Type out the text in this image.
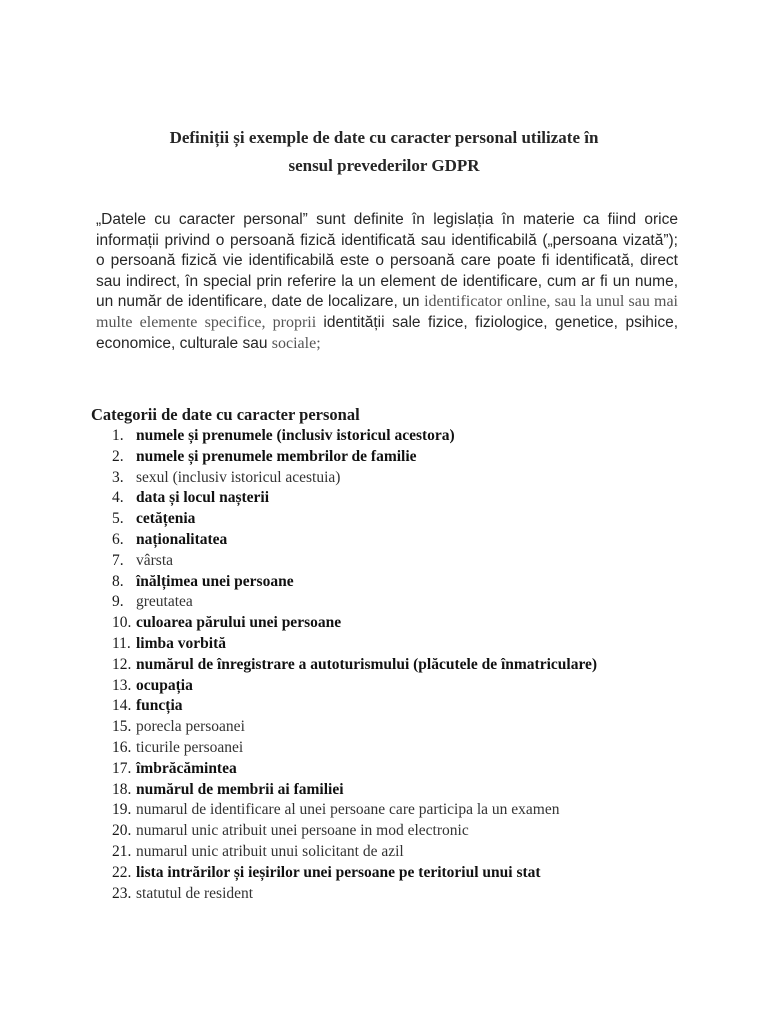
Definiții și exemple de date cu caracter personal utilizate în
sensul prevederilor GDPR

„Datele cu caracter personal” sunt definite în legislația în materie ca fiind orice informații privind o persoană fizică identificată sau identificabilă („persoana vizată”); o persoană fizică vie identificabilă este o persoană care poate fi identificată, direct sau indirect, în special prin referire la un element de identificare, cum ar fi un nume, un număr de identificare, date de localizare, un identificator online, sau la unul sau mai multe elemente specifice, proprii identității sale fizice, fiziologice, genetice, psihice, economice, culturale sau sociale;

Categorii de date cu caracter personal
1. numele și prenumele (inclusiv istoricul acestora)
2. numele și prenumele membrilor de familie
3. sexul (inclusiv istoricul acestuia)
4. data și locul nașterii
5. cetățenia
6. naționalitatea
7. vârsta
8. înălțimea unei persoane
9. greutatea
10. culoarea părului unei persoane
11. limba vorbită
12. numărul de înregistrare a autoturismului (plăcutele de înmatriculare)
13. ocupația
14. funcția
15. porecla persoanei
16. ticurile persoanei
17. îmbrăcămintea
18. numărul de membrii ai familiei
19. numarul de identificare al unei persoane care participa la un examen
20. numarul unic atribuit unei persoane in mod electronic
21. numarul unic atribuit unui solicitant de azil
22. lista intrărilor și ieșirilor unei persoane pe teritoriul unui stat
23. statutul de resident
